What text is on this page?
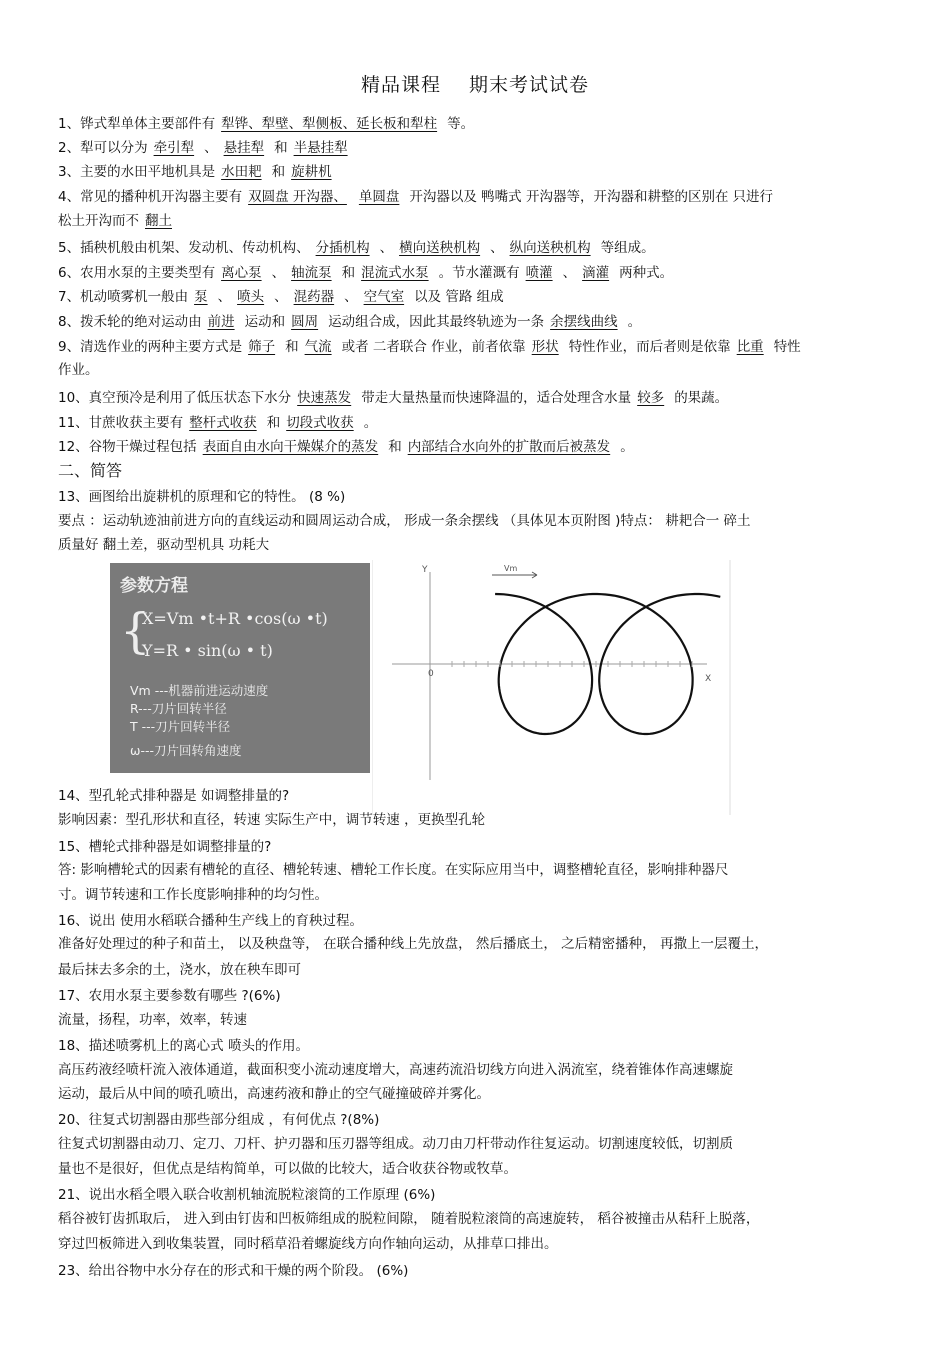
精品课程 期末考试试卷
1、铧式犁单体主要部件有 犁铧、犁壁、犁侧板、延长板和犁柱 等。
2、犁可以分为 牵引犁 、 悬挂犁 和 半悬挂犁
3、主要的水田平地机具是 水田耙 和 旋耕机
4、常见的播种机开沟器主要有 双圆盘 开沟器、 单圆盘 开沟器以及 鸭嘴式 开沟器等，开沟器和耕整的区别在 只进行
松土开沟而不 翻土
5、插秧机般由机架、发动机、传动机构、 分插机构 、 横向送秧机构 、 纵向送秧机构 等组成。
6、农用水泵的主要类型有 离心泵 、 轴流泵 和 混流式水泵 。节水灌溉有 喷灌 、 滴灌 两种式。
7、机动喷雾机一般由 泵 、 喷头 、 混药器 、 空气室 以及 管路 组成
8、拨禾轮的绝对运动由 前进 运动和 圆周 运动组合成，因此其最终轨迹为一条 余摆线曲线 。
9、清选作业的两种主要方式是 筛子 和 气流 或者 二者联合 作业，前者依靠 形状 特性作业，而后者则是依靠 比重 特性
作业。
10、真空预冷是利用了低压状态下水分 快速蒸发 带走大量热量而快速降温的，适合处理含水量 较多 的果蔬。
11、甘蔗收获主要有 整杆式收获 和 切段式收获 。
12、谷物干燥过程包括 表面自由水向干燥媒介的蒸发 和 内部结合水向外的扩散而后被蒸发 。
二、简答
13、画图给出旋耕机的原理和它的特性。 (8 %)
要点 ：运动轨迹油前进方向的直线运动和圆周运动合成， 形成一条余摆线 （具体见本页附图 )特点： 耕耙合一 碎土
质量好 翻土差，驱动型机具 功耗大
参数方程
{
X=Vm •t+R •cos(ω •t)
Y=R • sin(ω • t)
Vm ---机器前进运动速度
R---刀片回转半径
T ---刀片回转半径
ω---刀片回转角速度
Y
X
0
Vm
14、型孔轮式排种器是 如调整排量的?
影响因素：型孔形状和直径，转速 实际生产中，调节转速 ，更换型孔轮
15、槽轮式排种器是如调整排量的?
答: 影响槽轮式的因素有槽轮的直径、槽轮转速、槽轮工作长度。在实际应用当中，调整槽轮直径，影响排种器尺
寸。调节转速和工作长度影响排种的均匀性。
16、说出 使用水稻联合播种生产线上的育秧过程。
准备好处理过的种子和苗土， 以及秧盘等， 在联合播种线上先放盘， 然后播底土， 之后精密播种， 再撒上一层覆土，
最后抹去多余的土，浇水，放在秧车即可
17、农用水泵主要参数有哪些 ?(6%)
流量，扬程，功率，效率，转速
18、描述喷雾机上的离心式 喷头的作用。
高压药液经喷杆流入液体通道，截面积变小流动速度增大，高速药流沿切线方向进入涡流室，绕着锥体作高速螺旋
运动，最后从中间的喷孔喷出，高速药液和静止的空气碰撞破碎并雾化。
20、往复式切割器由那些部分组成 ，有何优点 ?(8%)
往复式切割器由动刀、定刀、刀杆、护刃器和压刃器等组成。动刀由刀杆带动作往复运动。切割速度较低，切割质
量也不是很好，但优点是结构简单，可以做的比较大，适合收获谷物或牧草。
21、说出水稻全喂入联合收割机轴流脱粒滚筒的工作原理 (6%)
稻谷被钉齿抓取后， 进入到由钉齿和凹板筛组成的脱粒间隙， 随着脱粒滚筒的高速旋转， 稻谷被撞击从秸秆上脱落，
穿过凹板筛进入到收集装置，同时稻草沿着螺旋线方向作轴向运动，从排草口排出。
23、给出谷物中水分存在的形式和干燥的两个阶段。 (6%)
